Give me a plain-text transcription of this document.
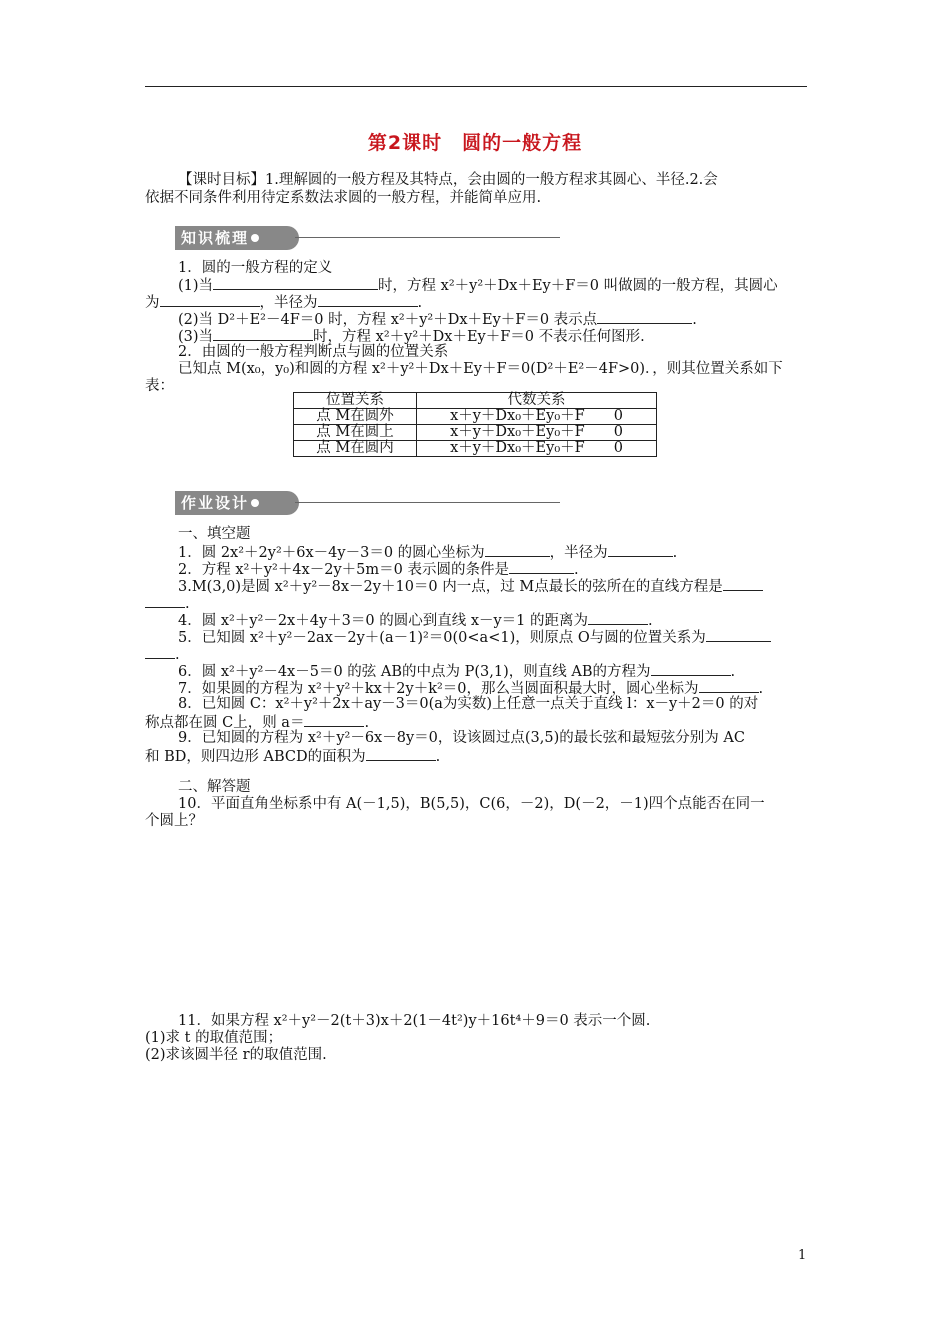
第2课时　圆的一般方程
【课时目标】1.理解圆的一般方程及其特点，会由圆的一般方程求其圆心、半径.2.会
依据不同条件利用待定系数法求圆的一般方程，并能简单应用.
知识梳理
1．圆的一般方程的定义
(1)当	时，方程 x²＋y²＋Dx＋Ey＋F＝0 叫做圆的一般方程，其圆心
为	，半径为	.
(2)当 D²＋E²－4F＝0 时，方程 x²＋y²＋Dx＋Ey＋F＝0 表示点	.
(3)当	时，方程 x²＋y²＋Dx＋Ey＋F＝0 不表示任何图形.
2．由圆的一般方程判断点与圆的位置关系
已知点 M(x₀，y₀)和圆的方程 x²＋y²＋Dx＋Ey＋F＝0(D²＋E²－4F>0)．，则其位置关系如下
表：
位置关系	代数关系
点 M在圆外	x＋y＋Dx₀＋Ey₀＋F　　0
点 M在圆上	x＋y＋Dx₀＋Ey₀＋F　　0
点 M在圆内	x＋y＋Dx₀＋Ey₀＋F　　0
作业设计
一、填空题
1．圆 2x²＋2y²＋6x－4y－3＝0 的圆心坐标为	，半径为	.
2．方程 x²＋y²＋4x－2y＋5m＝0 表示圆的条件是	.
3.M(3,0)是圆 x²＋y²－8x－2y＋10＝0 内一点，过 M点最长的弦所在的直线方程是
.
4．圆 x²＋y²－2x＋4y＋3＝0 的圆心到直线 x－y＝1 的距离为	.
5．已知圆 x²＋y²－2ax－2y＋(a－1)²＝0(0<a<1)，则原点 O与圆的位置关系为
.
6．圆 x²＋y²－4x－5＝0 的弦 AB的中点为 P(3,1)，则直线 AB的方程为	.
7．如果圆的方程为 x²＋y²＋kx＋2y＋k²＝0，那么当圆面积最大时，圆心坐标为	.
8．已知圆 C：x²＋y²＋2x＋ay－3＝0(a为实数)上任意一点关于直线 l：x－y＋2＝0 的对
称点都在圆 C上，则 a＝	.
9．已知圆的方程为 x²＋y²－6x－8y＝0，设该圆过点(3,5)的最长弦和最短弦分别为 AC
和 BD，则四边形 ABCD的面积为	.
二、解答题
10．平面直角坐标系中有 A(－1,5)，B(5,5)，C(6，－2)，D(－2，－1)四个点能否在同一
个圆上？
11．如果方程 x²＋y²－2(t＋3)x＋2(1－4t²)y＋16t⁴＋9＝0 表示一个圆.
(1)求 t 的取值范围；
(2)求该圆半径 r的取值范围.
1
